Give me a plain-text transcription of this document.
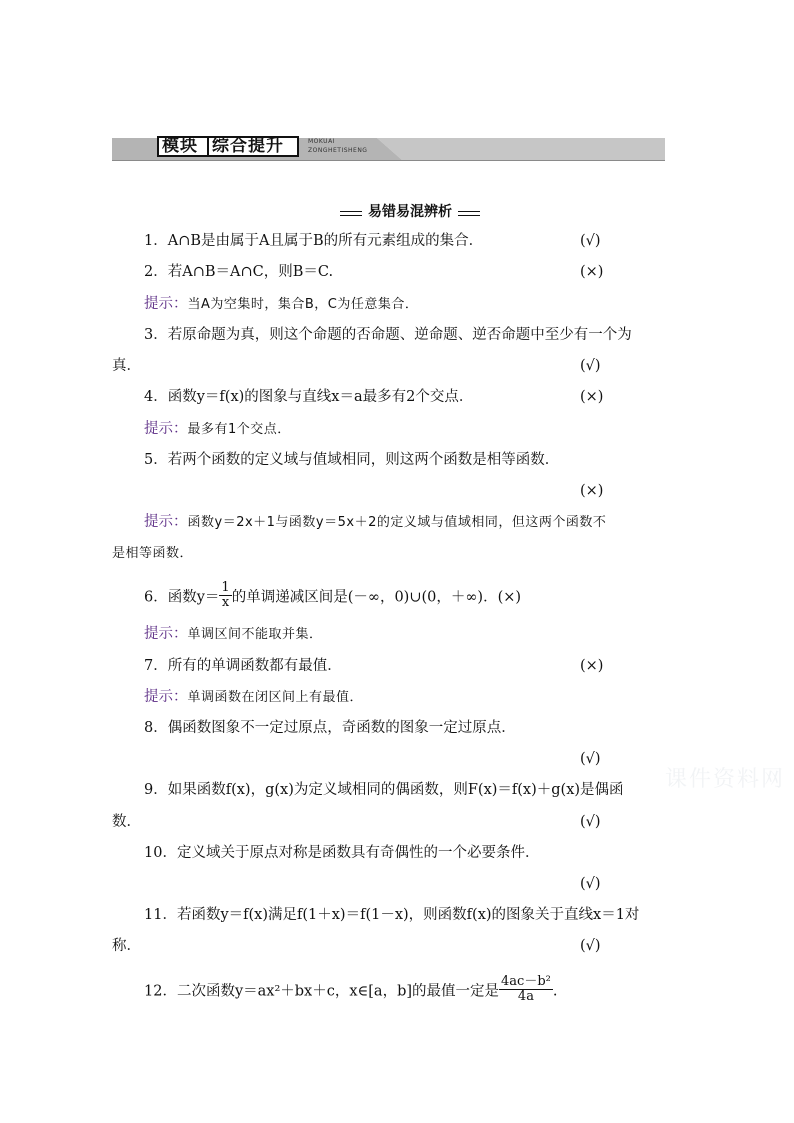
模块 综合提升	MOKUAI
ZONGHETISHENG
易错易混辨析
1．A∩B是由属于A且属于B的所有元素组成的集合．	(√)
2．若A∩B＝A∩C，则B＝C.	(×)
提示：当A为空集时，集合B，C为任意集合．
3．若原命题为真，则这个命题的否命题、逆命题、逆否命题中至少有一个为
真．	(√)
4．函数y＝f(x)的图象与直线x＝a最多有2个交点．	(×)
提示：最多有1个交点．
5．若两个函数的定义域与值域相同，则这两个函数是相等函数．
(×)
提示：函数y＝2x＋1与函数y＝5x＋2的定义域与值域相同，但这两个函数不
是相等函数．
6．函数$y= \frac{1}{x}$ 的单调递减区间是(－∞，0)∪(0，＋∞)．(×)
提示：单调区间不能取并集．
7．所有的单调函数都有最值．	(×)
提示：单调函数在闭区间上有最值．
8．偶函数图象不一定过原点，奇函数的图象一定过原点．
(√)
课件资料网
9．如果函数f(x)，g(x)为定义域相同的偶函数，则F(x)＝f(x)＋g(x)是偶函
数．	(√)
10．定义域关于原点对称是函数具有奇偶性的一个必要条件．
(√)
11．若函数y＝f(x)满足f(1＋x)＝f(1－x)，则函数f(x)的图象关于直线x＝1对
称．	(√)
12．二次函数y＝ax²＋bx＋c，x∈[a，b]的最值一定是 $\frac{\text{4ac－b²}}{4a}$ .
